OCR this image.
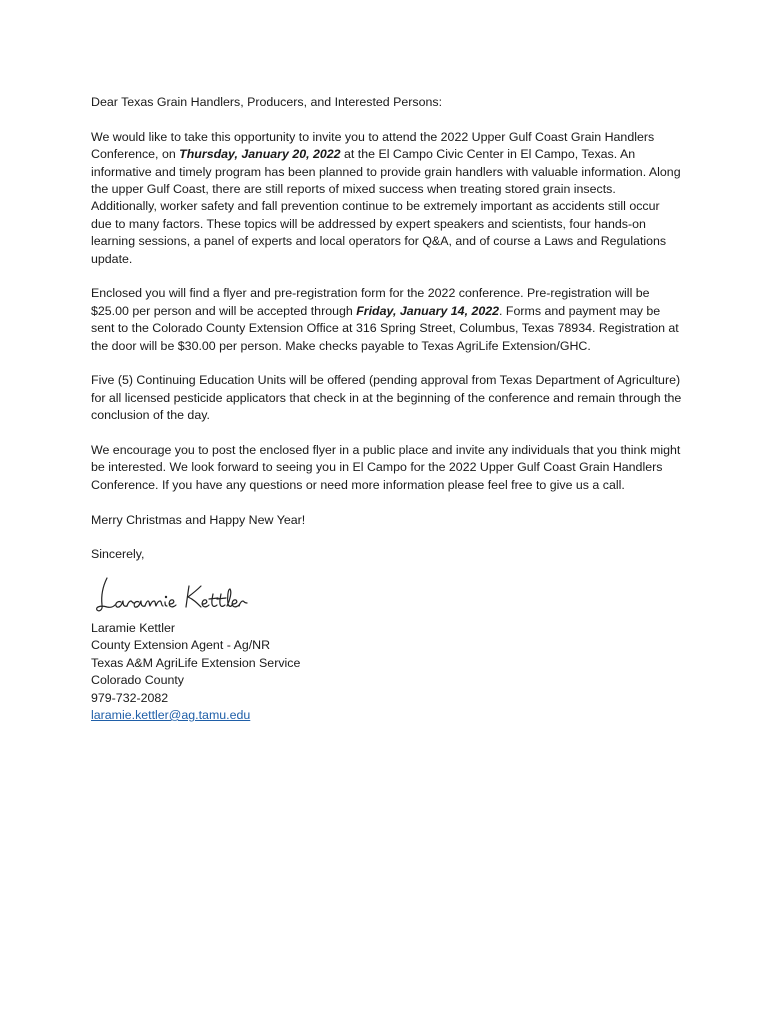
Dear Texas Grain Handlers, Producers, and Interested Persons:

We would like to take this opportunity to invite you to attend the 2022 Upper Gulf Coast Grain Handlers Conference, on Thursday, January 20, 2022 at the El Campo Civic Center in El Campo, Texas. An informative and timely program has been planned to provide grain handlers with valuable information. Along the upper Gulf Coast, there are still reports of mixed success when treating stored grain insects. Additionally, worker safety and fall prevention continue to be extremely important as accidents still occur due to many factors. These topics will be addressed by expert speakers and scientists, four hands-on learning sessions, a panel of experts and local operators for Q&A, and of course a Laws and Regulations update.

Enclosed you will find a flyer and pre-registration form for the 2022 conference. Pre-registration will be $25.00 per person and will be accepted through Friday, January 14, 2022. Forms and payment may be sent to the Colorado County Extension Office at 316 Spring Street, Columbus, Texas 78934. Registration at the door will be $30.00 per person. Make checks payable to Texas AgriLife Extension/GHC.

Five (5) Continuing Education Units will be offered (pending approval from Texas Department of Agriculture) for all licensed pesticide applicators that check in at the beginning of the conference and remain through the conclusion of the day.

We encourage you to post the enclosed flyer in a public place and invite any individuals that you think might be interested. We look forward to seeing you in El Campo for the 2022 Upper Gulf Coast Grain Handlers Conference. If you have any questions or need more information please feel free to give us a call.

Merry Christmas and Happy New Year!

Sincerely,

Laramie Kettler
County Extension Agent - Ag/NR
Texas A&M AgriLife Extension Service
Colorado County
979-732-2082
laramie.kettler@ag.tamu.edu
